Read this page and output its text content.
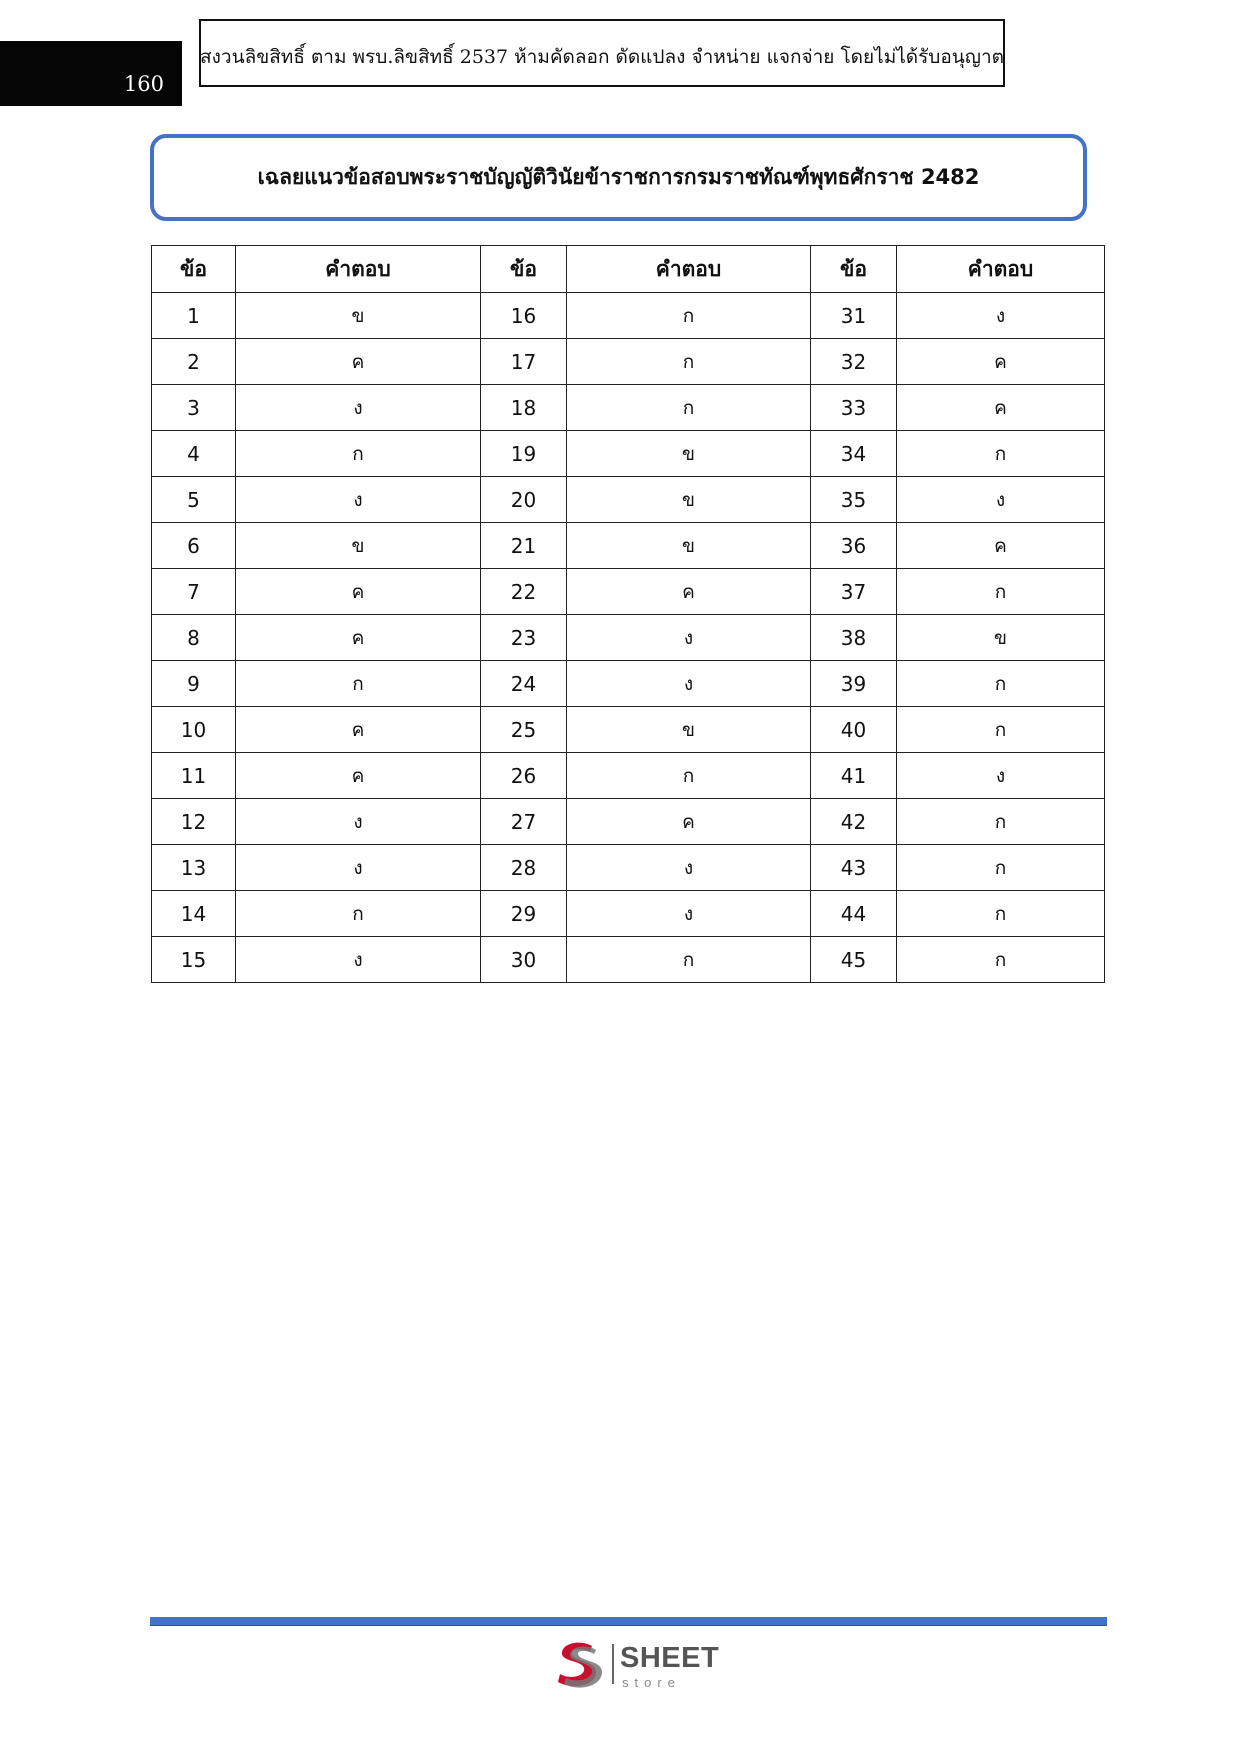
160
สงวนลิขสิทธิ์ ตาม พรบ.ลิขสิทธิ์ 2537 ห้ามคัดลอก ดัดแปลง จำหน่าย แจกจ่าย โดยไม่ได้รับอนุญาต
เฉลยแนวข้อสอบพระราชบัญญัติวินัยข้าราชการกรมราชทัณฑ์พุทธศักราช 2482
ข้อ	คำตอบ	ข้อ	คำตอบ	ข้อ	คำตอบ
1	ข	16	ก	31	ง
2	ค	17	ก	32	ค
3	ง	18	ก	33	ค
4	ก	19	ข	34	ก
5	ง	20	ข	35	ง
6	ข	21	ข	36	ค
7	ค	22	ค	37	ก
8	ค	23	ง	38	ข
9	ก	24	ง	39	ก
10	ค	25	ข	40	ก
11	ค	26	ก	41	ง
12	ง	27	ค	42	ก
13	ง	28	ง	43	ก
14	ก	29	ง	44	ก
15	ง	30	ก	45	ก
SHEET
store
